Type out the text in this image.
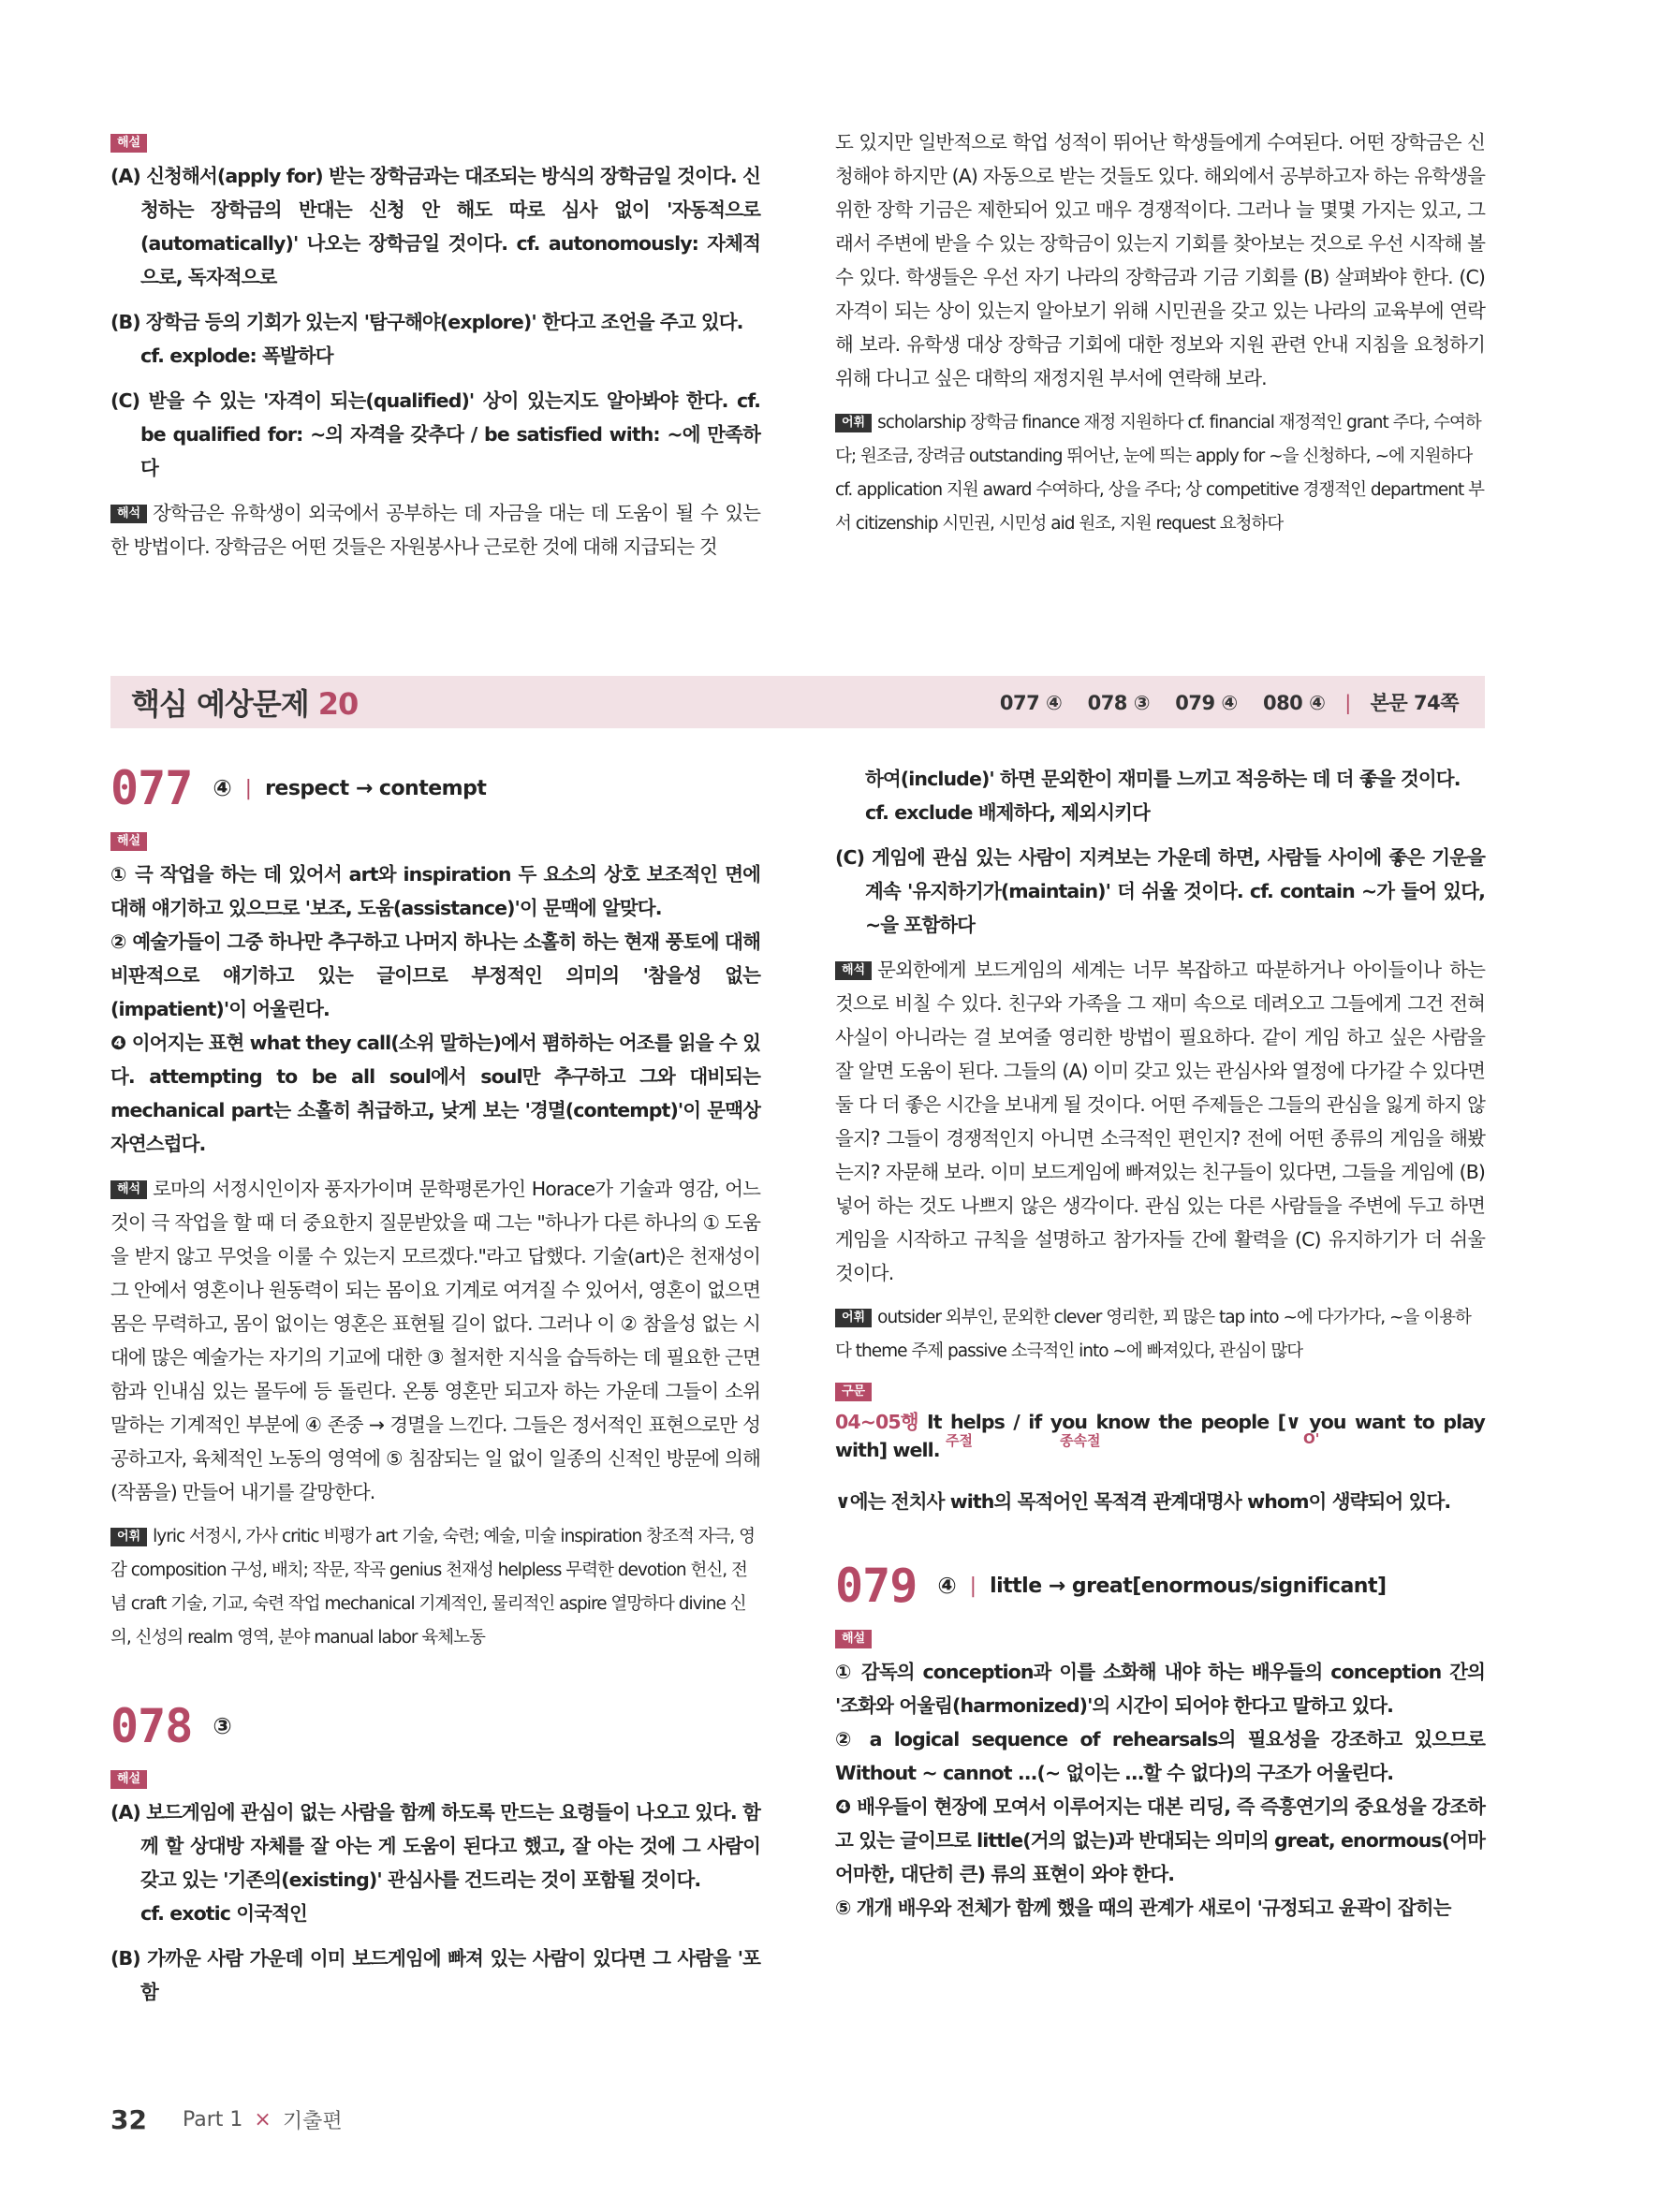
해설
(A) 신청해서(apply for) 받는 장학금과는 대조되는 방식의 장학금일 것이다. 신청하는 장학금의 반대는 신청 안 해도 따로 심사 없이 '자동적으로(automatically)' 나오는 장학금일 것이다. cf. autonomously: 자체적으로, 독자적으로
(B) 장학금 등의 기회가 있는지 '탐구해야(explore)' 한다고 조언을 주고 있다.
cf. explode: 폭발하다
(C) 받을 수 있는 '자격이 되는(qualified)' 상이 있는지도 알아봐야 한다. cf. be qualified for: ~의 자격을 갖추다 / be satisfied with: ~에 만족하다
해석 장학금은 유학생이 외국에서 공부하는 데 자금을 대는 데 도움이 될 수 있는 한 방법이다. 장학금은 어떤 것들은 자원봉사나 근로한 것에 대해 지급되는 것
도 있지만 일반적으로 학업 성적이 뛰어난 학생들에게 수여된다. 어떤 장학금은 신청해야 하지만 (A) 자동으로 받는 것들도 있다. 해외에서 공부하고자 하는 유학생을 위한 장학 기금은 제한되어 있고 매우 경쟁적이다. 그러나 늘 몇몇 가지는 있고, 그래서 주변에 받을 수 있는 장학금이 있는지 기회를 찾아보는 것으로 우선 시작해 볼 수 있다. 학생들은 우선 자기 나라의 장학금과 기금 기회를 (B) 살펴봐야 한다. (C) 자격이 되는 상이 있는지 알아보기 위해 시민권을 갖고 있는 나라의 교육부에 연락해 보라. 유학생 대상 장학금 기회에 대한 정보와 지원 관련 안내 지침을 요청하기 위해 다니고 싶은 대학의 재정지원 부서에 연락해 보라.
어휘 scholarship 장학금 finance 재정 지원하다 cf. financial 재정적인 grant 주다, 수여하다; 원조금, 장려금 outstanding 뛰어난, 눈에 띄는 apply for ~을 신청하다, ~에 지원하다 cf. application 지원 award 수여하다, 상을 주다; 상 competitive 경쟁적인 department 부서 citizenship 시민권, 시민성 aid 원조, 지원 request 요청하다
핵심 예상문제 20	077 ④ 078 ③ 079 ④ 080 ④ | 본문 74쪽
077 ④ | respect → contempt
해설
① 극 작업을 하는 데 있어서 art와 inspiration 두 요소의 상호 보조적인 면에 대해 얘기하고 있으므로 '보조, 도움(assistance)'이 문맥에 알맞다.
② 예술가들이 그중 하나만 추구하고 나머지 하나는 소홀히 하는 현재 풍토에 대해 비판적으로 얘기하고 있는 글이므로 부정적인 의미의 '참을성 없는(impatient)'이 어울린다.
❹ 이어지는 표현 what they call(소위 말하는)에서 폄하하는 어조를 읽을 수 있다. attempting to be all soul에서 soul만 추구하고 그와 대비되는 mechanical part는 소홀히 취급하고, 낮게 보는 '경멸(contempt)'이 문맥상 자연스럽다.
해석 로마의 서정시인이자 풍자가이며 문학평론가인 Horace가 기술과 영감, 어느 것이 극 작업을 할 때 더 중요한지 질문받았을 때 그는 "하나가 다른 하나의 ① 도움을 받지 않고 무엇을 이룰 수 있는지 모르겠다."라고 답했다. 기술(art)은 천재성이 그 안에서 영혼이나 원동력이 되는 몸이요 기계로 여겨질 수 있어서, 영혼이 없으면 몸은 무력하고, 몸이 없이는 영혼은 표현될 길이 없다. 그러나 이 ② 참을성 없는 시대에 많은 예술가는 자기의 기교에 대한 ③ 철저한 지식을 습득하는 데 필요한 근면함과 인내심 있는 몰두에 등 돌린다. 온통 영혼만 되고자 하는 가운데 그들이 소위 말하는 기계적인 부분에 ④ 존중 → 경멸을 느낀다. 그들은 정서적인 표현으로만 성공하고자, 육체적인 노동의 영역에 ⑤ 침잠되는 일 없이 일종의 신적인 방문에 의해 (작품을) 만들어 내기를 갈망한다.
어휘 lyric 서정시, 가사 critic 비평가 art 기술, 숙련; 예술, 미술 inspiration 창조적 자극, 영감 composition 구성, 배치; 작문, 작곡 genius 천재성 helpless 무력한 devotion 헌신, 전념 craft 기술, 기교, 숙련 작업 mechanical 기계적인, 물리적인 aspire 열망하다 divine 신의, 신성의 realm 영역, 분야 manual labor 육체노동
078 ③
해설
(A) 보드게임에 관심이 없는 사람을 함께 하도록 만드는 요령들이 나오고 있다. 함께 할 상대방 자체를 잘 아는 게 도움이 된다고 했고, 잘 아는 것에 그 사람이 갖고 있는 '기존의(existing)' 관심사를 건드리는 것이 포함될 것이다.
cf. exotic 이국적인
(B) 가까운 사람 가운데 이미 보드게임에 빠져 있는 사람이 있다면 그 사람을 '포함
하여(include)' 하면 문외한이 재미를 느끼고 적응하는 데 더 좋을 것이다.
cf. exclude 배제하다, 제외시키다
(C) 게임에 관심 있는 사람이 지켜보는 가운데 하면, 사람들 사이에 좋은 기운을 계속 '유지하기가(maintain)' 더 쉬울 것이다. cf. contain ~가 들어 있다, ~을 포함하다
해석 문외한에게 보드게임의 세계는 너무 복잡하고 따분하거나 아이들이나 하는 것으로 비칠 수 있다. 친구와 가족을 그 재미 속으로 데려오고 그들에게 그건 전혀 사실이 아니라는 걸 보여줄 영리한 방법이 필요하다. 같이 게임 하고 싶은 사람을 잘 알면 도움이 된다. 그들의 (A) 이미 갖고 있는 관심사와 열정에 다가갈 수 있다면 둘 다 더 좋은 시간을 보내게 될 것이다. 어떤 주제들은 그들의 관심을 잃게 하지 않을지? 그들이 경쟁적인지 아니면 소극적인 편인지? 전에 어떤 종류의 게임을 해봤는지? 자문해 보라. 이미 보드게임에 빠져있는 친구들이 있다면, 그들을 게임에 (B) 넣어 하는 것도 나쁘지 않은 생각이다. 관심 있는 다른 사람들을 주변에 두고 하면 게임을 시작하고 규칙을 설명하고 참가자들 간에 활력을 (C) 유지하기가 더 쉬울 것이다.
어휘 outsider 외부인, 문외한 clever 영리한, 꾀 많은 tap into ~에 다가가다, ~을 이용하다 theme 주제 passive 소극적인 into ~에 빠져있다, 관심이 많다
구문
04~05행 It helps / if you know the people [∨ you want to play with] well. 주절	종속절	O'
∨에는 전치사 with의 목적어인 목적격 관계대명사 whom이 생략되어 있다.
079 ④ | little → great[enormous/significant]
해설
① 감독의 conception과 이를 소화해 내야 하는 배우들의 conception 간의 '조화와 어울림(harmonized)'의 시간이 되어야 한다고 말하고 있다.
② a logical sequence of rehearsals의 필요성을 강조하고 있으므로 Without ~ cannot ...(~ 없이는 …할 수 없다)의 구조가 어울린다.
❹ 배우들이 현장에 모여서 이루어지는 대본 리딩, 즉 즉흥연기의 중요성을 강조하고 있는 글이므로 little(거의 없는)과 반대되는 의미의 great, enormous(어마어마한, 대단히 큰) 류의 표현이 와야 한다.
⑤ 개개 배우와 전체가 함께 했을 때의 관계가 새로이 '규정되고 윤곽이 잡히는
32 Part 1 × 기출편
